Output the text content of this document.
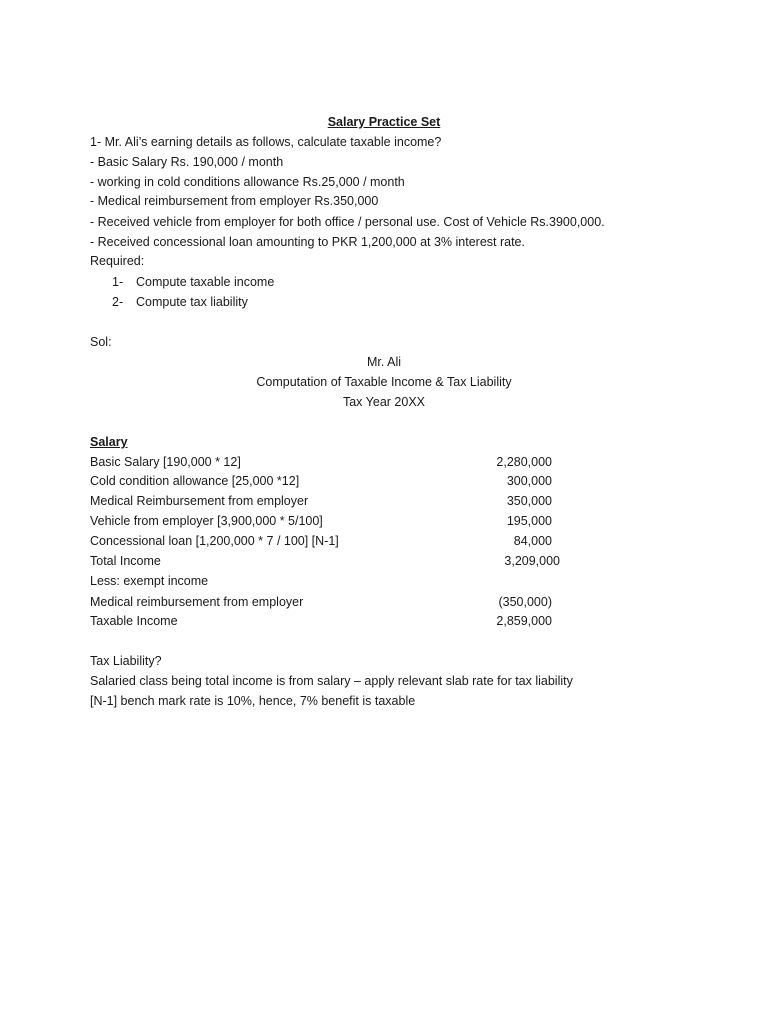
Salary Practice Set
1- Mr. Ali’s earning details as follows, calculate taxable income?
- Basic Salary Rs. 190,000 / month
- working in cold conditions allowance Rs.25,000 / month
- Medical reimbursement from employer Rs.350,000
- Received vehicle from employer for both office / personal use. Cost of Vehicle Rs.3900,000.
- Received concessional loan amounting to PKR 1,200,000 at 3% interest rate.
Required:
1- Compute taxable income
2- Compute tax liability
Sol:
Mr. Ali
Computation of Taxable Income & Tax Liability
Tax Year 20XX
Salary
Basic Salary [190,000 * 12]	2,280,000
Cold condition allowance [25,000 *12]	300,000
Medical Reimbursement from employer	350,000
Vehicle from employer [3,900,000 * 5/100]	195,000
Concessional loan [1,200,000 * 7 / 100] [N-1]	84,000
Total Income	3,209,000
Less: exempt income
Medical reimbursement from employer	(350,000)
Taxable Income	2,859,000
Tax Liability?
Salaried class being total income is from salary – apply relevant slab rate for tax liability
[N-1] bench mark rate is 10%, hence, 7% benefit is taxable
